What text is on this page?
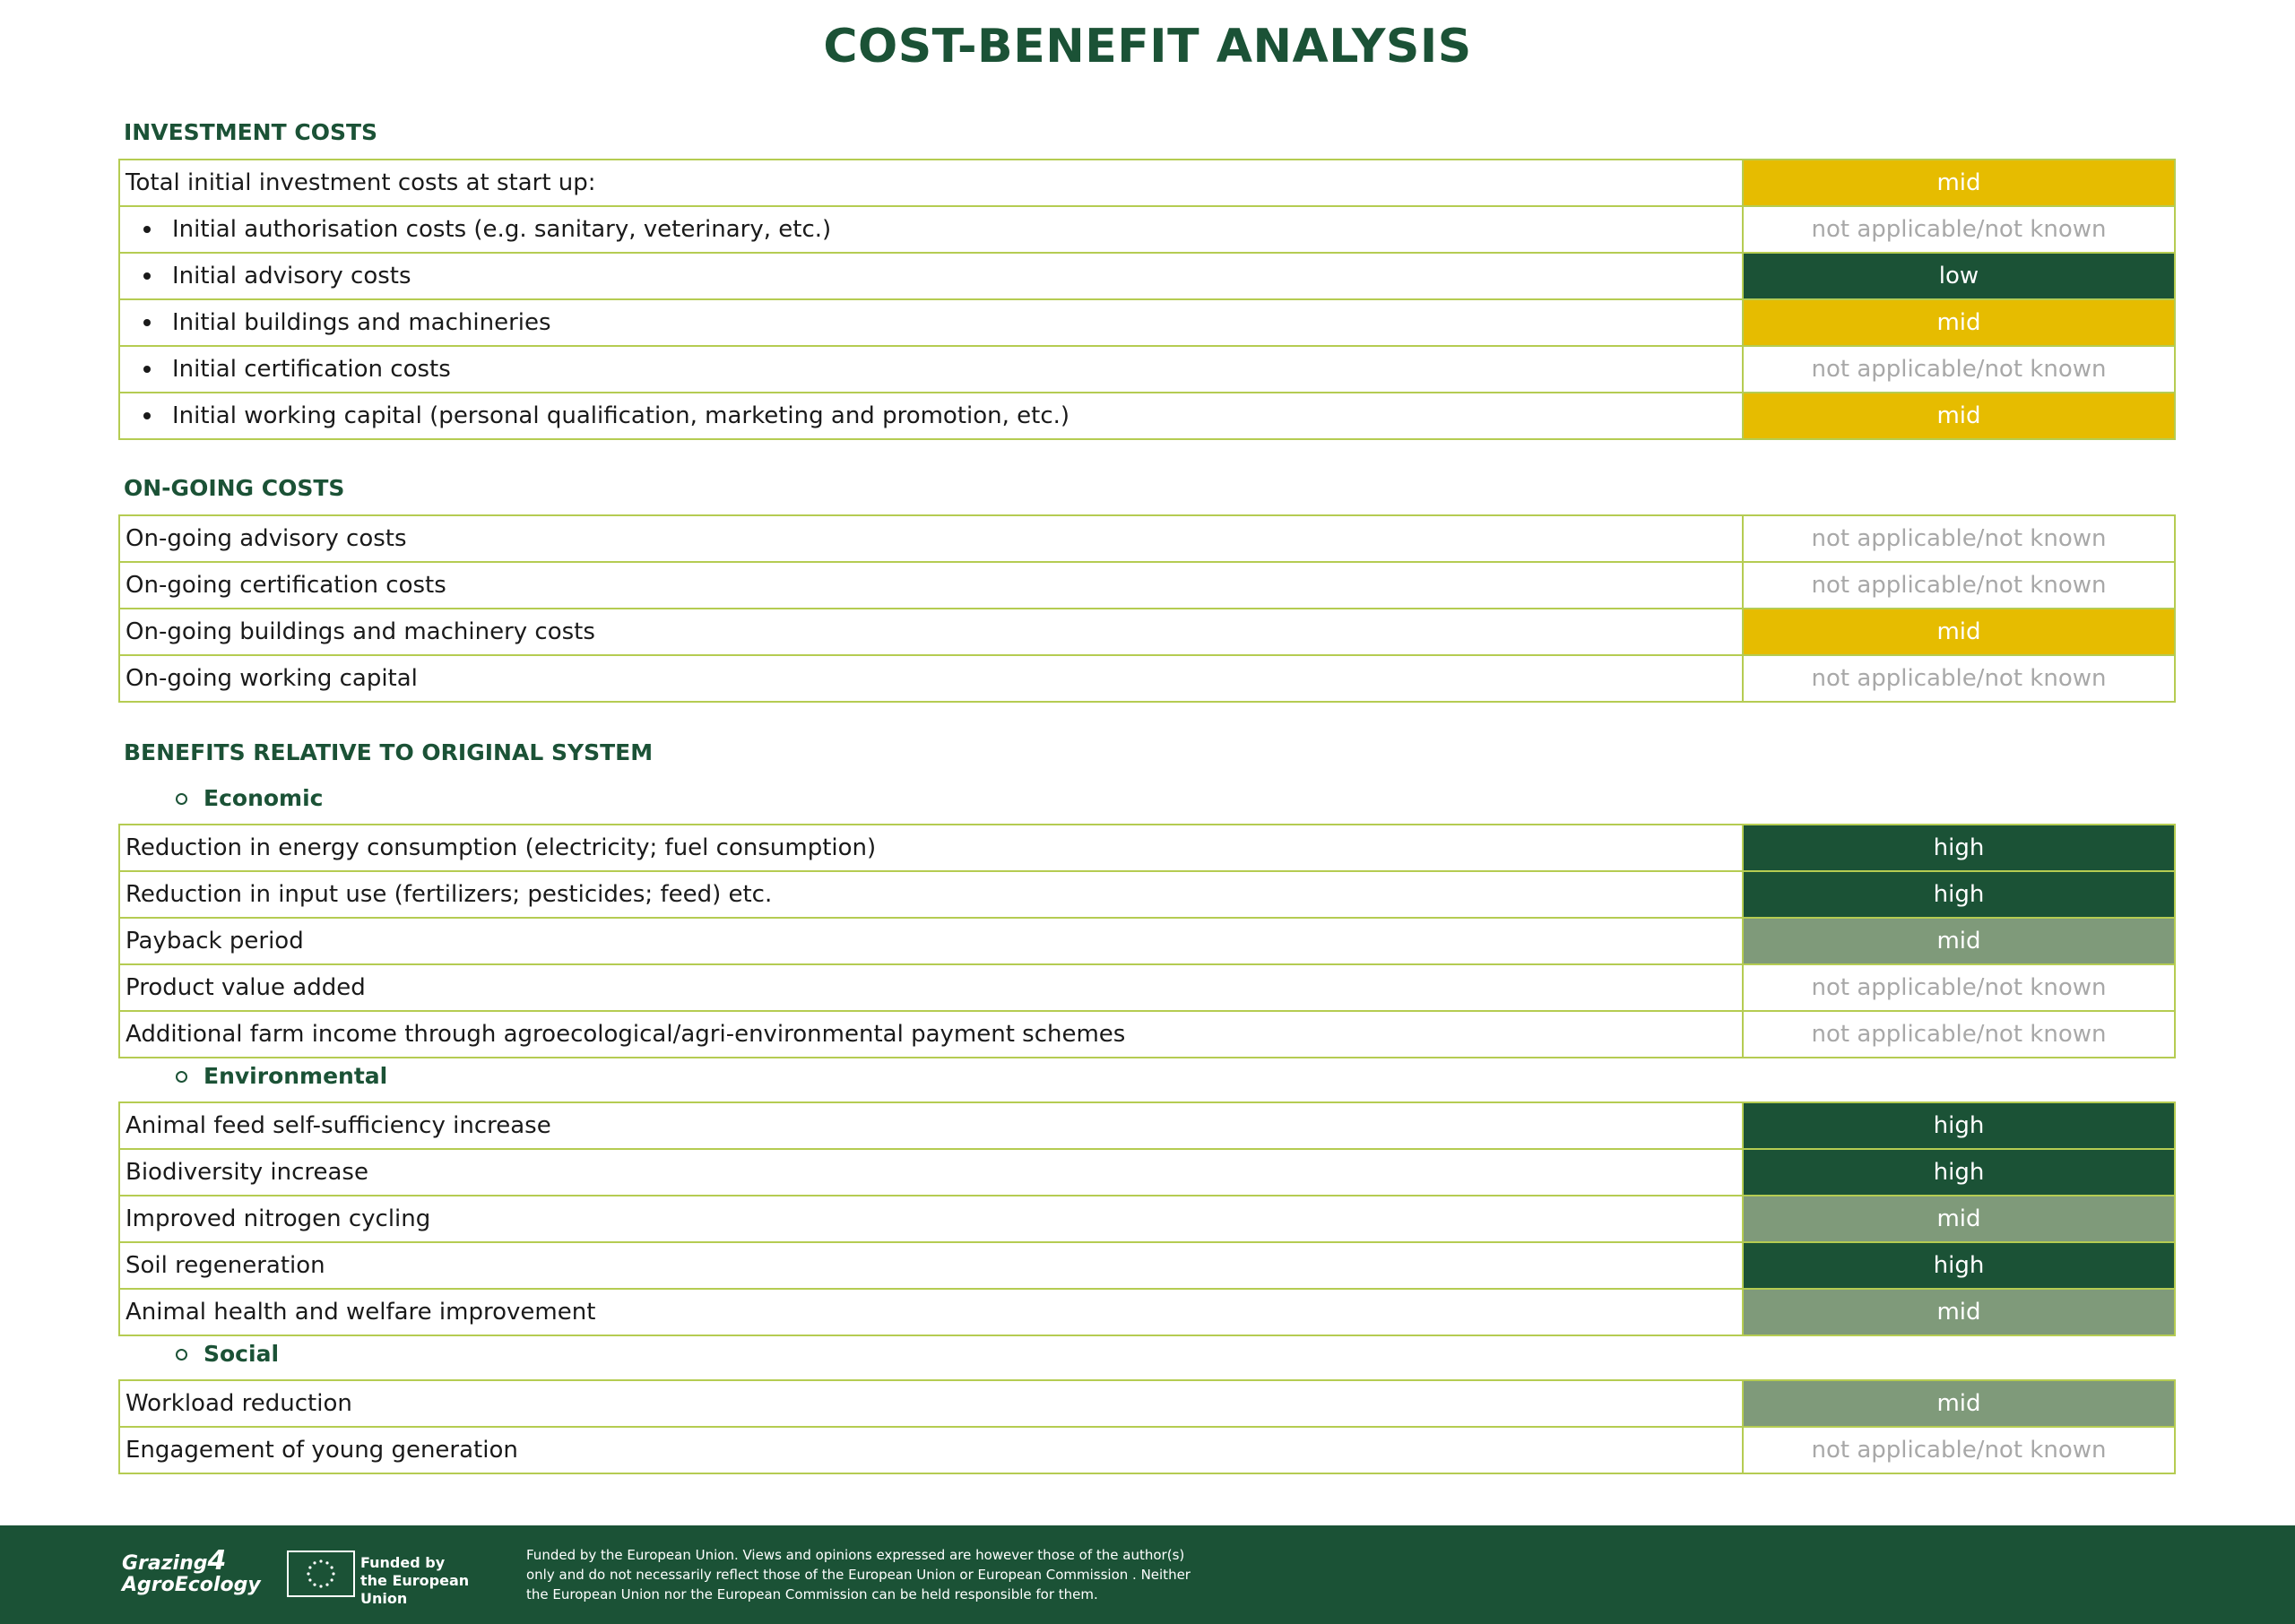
COST-BENEFIT ANALYSIS
INVESTMENT COSTS
Total initial investment costs at start up:	mid
Initial authorisation costs (e.g. sanitary, veterinary, etc.)	not applicable/not known
Initial advisory costs	low
Initial buildings and machineries	mid
Initial certification costs	not applicable/not known
Initial working capital (personal qualification, marketing and promotion, etc.)	mid
ON-GOING COSTS
On-going advisory costs	not applicable/not known
On-going certification costs	not applicable/not known
On-going buildings and machinery costs	mid
On-going working capital	not applicable/not known
BENEFITS RELATIVE TO ORIGINAL SYSTEM
Economic
Reduction in energy consumption (electricity; fuel consumption)	high
Reduction in input use (fertilizers; pesticides; feed) etc.	high
Payback period	mid
Product value added	not applicable/not known
Additional farm income through agroecological/agri-environmental payment schemes	not applicable/not known
Environmental
Animal feed self-sufficiency increase	high
Biodiversity increase	high
Improved nitrogen cycling	mid
Soil regeneration	high
Animal health and welfare improvement	mid
Social
Workload reduction	mid
Engagement of young generation	not applicable/not known
Grazing4
AgroEcology
Funded by
the European Union
Funded by the European Union. Views and opinions expressed are however those of the author(s) only and do not necessarily reflect those of the European Union or European Commission . Neither the European Union nor the European Commission can be held responsible for them.
